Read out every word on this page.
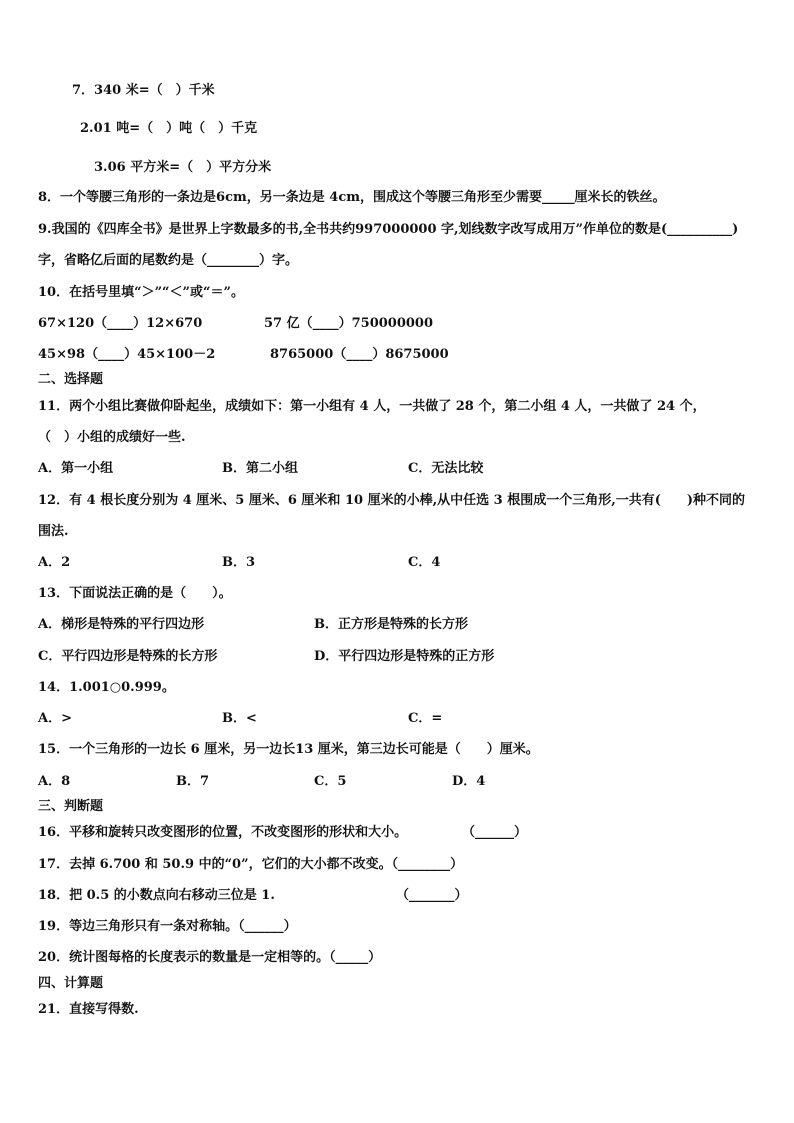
7．340 米=（　）千米
2.01 吨=（　）吨（　）千克
3.06 平方米=（　）平方分米
8．一个等腰三角形的一条边是6cm，另一条边是 4cm，围成这个等腰三角形至少需要_____厘米长的铁丝。
9.我国的《四库全书》是世界上字数最多的书,全书共约997000000 字,划线数字改写成用万”作单位的数是(__________)
字，省略亿后面的尾数约是（________）字。
10．在括号里填“＞”“＜”或“＝”。
67×120（____）12×670	57 亿（____）750000000
45×98（____）45×100－2	8765000（____）8675000
二、选择题
11．两个小组比赛做仰卧起坐，成绩如下：第一小组有 4 人，一共做了 28 个，第二小组 4 人，一共做了 24 个，
（　）小组的成绩好一些.
A．第一小组	B．第二小组	C．无法比较
12．有 4 根长度分别为 4 厘米、5 厘米、6 厘米和 10 厘米的小棒,从中任选 3 根围成一个三角形,一共有(　　)种不同的
围法.
A．2	B．3	C．4
13．下面说法正确的是（　　）。
A．梯形是特殊的平行四边形	B．正方形是特殊的长方形
C．平行四边形是特殊的长方形	D．平行四边形是特殊的正方形
14．1.001○0.999。
A．>	B．<	C．=
15．一个三角形的一边长 6 厘米，另一边长13 厘米，第三边长可能是（　　）厘米。
A．8	B．7	C．5	D．4
三、判断题
16．平移和旋转只改变图形的位置，不改变图形的形状和大小。	（______）
17．去掉 6.700 和 50.9 中的“0”，它们的大小都不改变。（________）
18．把 0.5 的小数点向右移动三位是 1.	（_______）
19．等边三角形只有一条对称轴。（______）
20．统计图每格的长度表示的数量是一定相等的。（_____）
四、计算题
21．直接写得数.
